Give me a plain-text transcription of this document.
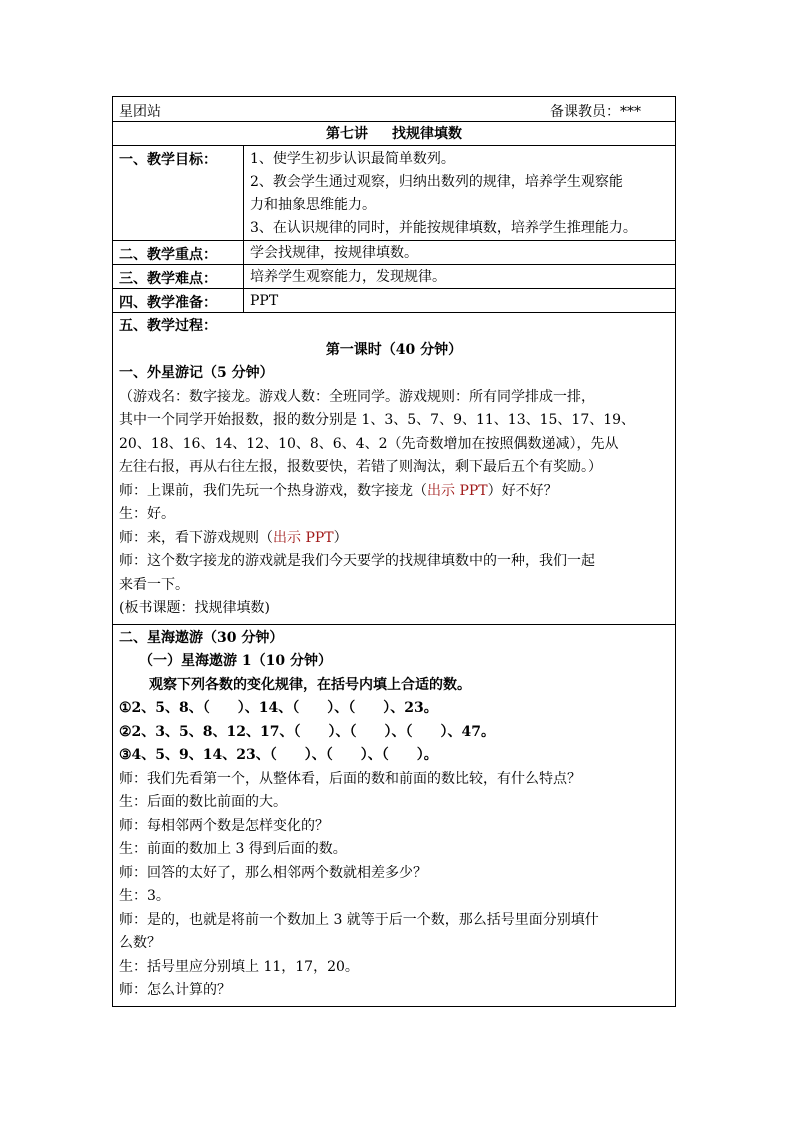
星团站	备课教员：***
第七讲 找规律填数
一、教学目标：	1、使学生初步认识最简单数列。

2、教会学生通过观察，归纳出数列的规律，培养学生观察能

力和抽象思维能力。

3、在认识规律的同时，并能按规律填数，培养学生推理能力。

二、教学重点：	学会找规律，按规律填数。
三、教学难点：	培养学生观察能力，发现规律。
四、教学准备：	PPT

五、教学过程：

第一课时（40 分钟）

一、外星游记（5 分钟）

（游戏名：数字接龙。游戏人数：全班同学。游戏规则：所有同学排成一排，

其中一个同学开始报数，报的数分别是 1、3、5、7、9、11、13、15、17、19、

20、18、16、14、12、10、8、6、4、2（先奇数增加在按照偶数递减），先从

左往右报，再从右往左报，报数要快，若错了则淘汰，剩下最后五个有奖励。）

师：上课前，我们先玩一个热身游戏，数字接龙（出示 PPT）好不好？

生：好。

师：来，看下游戏规则（出示 PPT）

师：这个数字接龙的游戏就是我们今天要学的找规律填数中的一种，我们一起

来看一下。

(板书课题：找规律填数)

二、星海遨游（30 分钟）

（一）星海遨游 1（10 分钟）

观察下列各数的变化规律，在括号内填上合适的数。

①2、5、8、（　　）、14、（　　）、（　　）、23。

②2、3、5、8、12、17、（　　）、（　　）、（　　）、47。

③4、5、9、14、23、（　　）、（　　）、（　　）。

师：我们先看第一个，从整体看，后面的数和前面的数比较，有什么特点？

生：后面的数比前面的大。

师：每相邻两个数是怎样变化的？

生：前面的数加上 3 得到后面的数。

师：回答的太好了，那么相邻两个数就相差多少？

生：3。

师：是的，也就是将前一个数加上 3 就等于后一个数，那么括号里面分别填什

么数？

生：括号里应分别填上 11，17，20。

师：怎么计算的？
